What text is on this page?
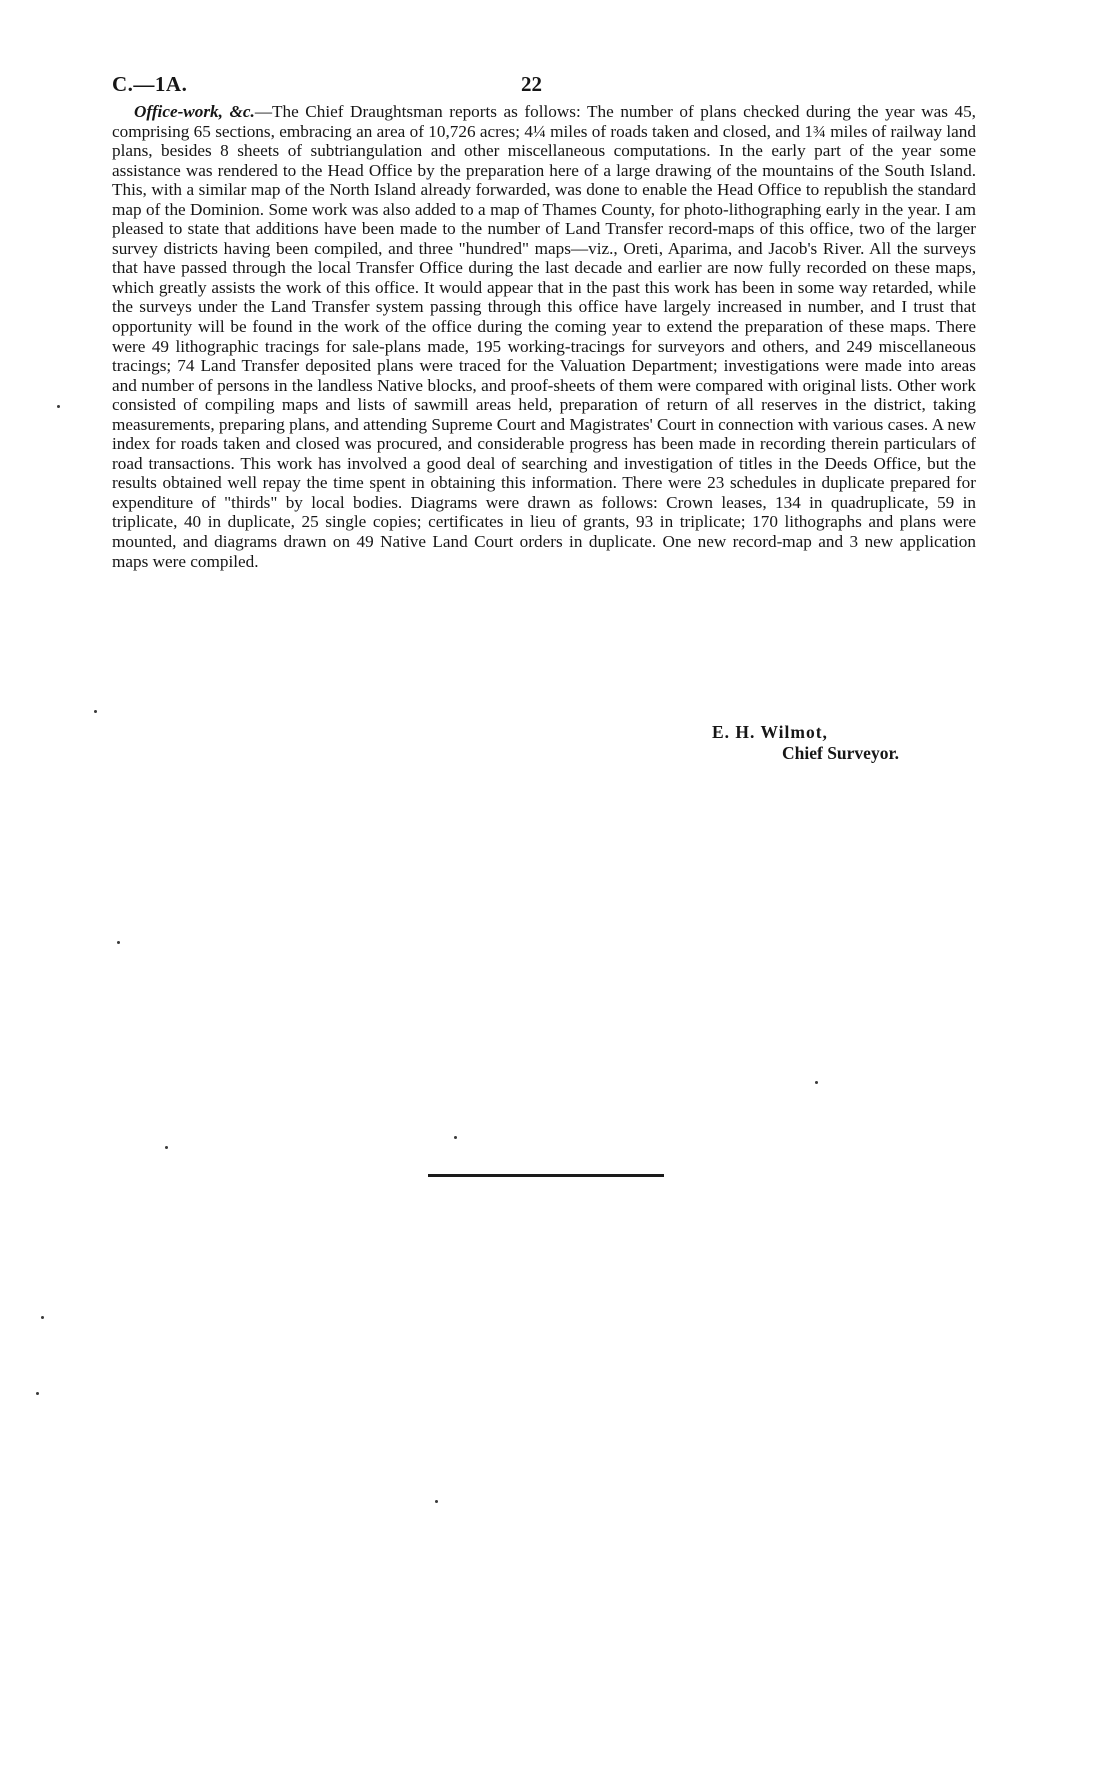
C.—1A.	22

Office-work, &c.—The Chief Draughtsman reports as follows: The number of plans checked during the year was 45, comprising 65 sections, embracing an area of 10,726 acres; 4¼ miles of roads taken and closed, and 1¾ miles of railway land plans, besides 8 sheets of subtriangulation and other miscellaneous computations. In the early part of the year some assistance was rendered to the Head Office by the preparation here of a large drawing of the mountains of the South Island. This, with a similar map of the North Island already forwarded, was done to enable the Head Office to republish the standard map of the Dominion. Some work was also added to a map of Thames County, for photo-lithographing early in the year. I am pleased to state that additions have been made to the number of Land Transfer record-maps of this office, two of the larger survey districts having been compiled, and three "hundred" maps—viz., Oreti, Aparima, and Jacob's River. All the surveys that have passed through the local Transfer Office during the last decade and earlier are now fully recorded on these maps, which greatly assists the work of this office. It would appear that in the past this work has been in some way retarded, while the surveys under the Land Transfer system passing through this office have largely increased in number, and I trust that opportunity will be found in the work of the office during the coming year to extend the preparation of these maps. There were 49 lithographic tracings for sale-plans made, 195 working-tracings for surveyors and others, and 249 miscellaneous tracings; 74 Land Transfer deposited plans were traced for the Valuation Department; investigations were made into areas and number of persons in the landless Native blocks, and proof-sheets of them were compared with original lists. Other work consisted of compiling maps and lists of sawmill areas held, preparation of return of all reserves in the district, taking measurements, preparing plans, and attending Supreme Court and Magistrates' Court in connection with various cases. A new index for roads taken and closed was procured, and considerable progress has been made in recording therein particulars of road transactions. This work has involved a good deal of searching and investigation of titles in the Deeds Office, but the results obtained well repay the time spent in obtaining this information. There were 23 schedules in duplicate prepared for expenditure of "thirds" by local bodies. Diagrams were drawn as follows: Crown leases, 134 in quadruplicate, 59 in triplicate, 40 in duplicate, 25 single copies; certificates in lieu of grants, 93 in triplicate; 170 lithographs and plans were mounted, and diagrams drawn on 49 Native Land Court orders in duplicate. One new record-map and 3 new application maps were compiled.

E. H. Wilmot,
Chief Surveyor.
